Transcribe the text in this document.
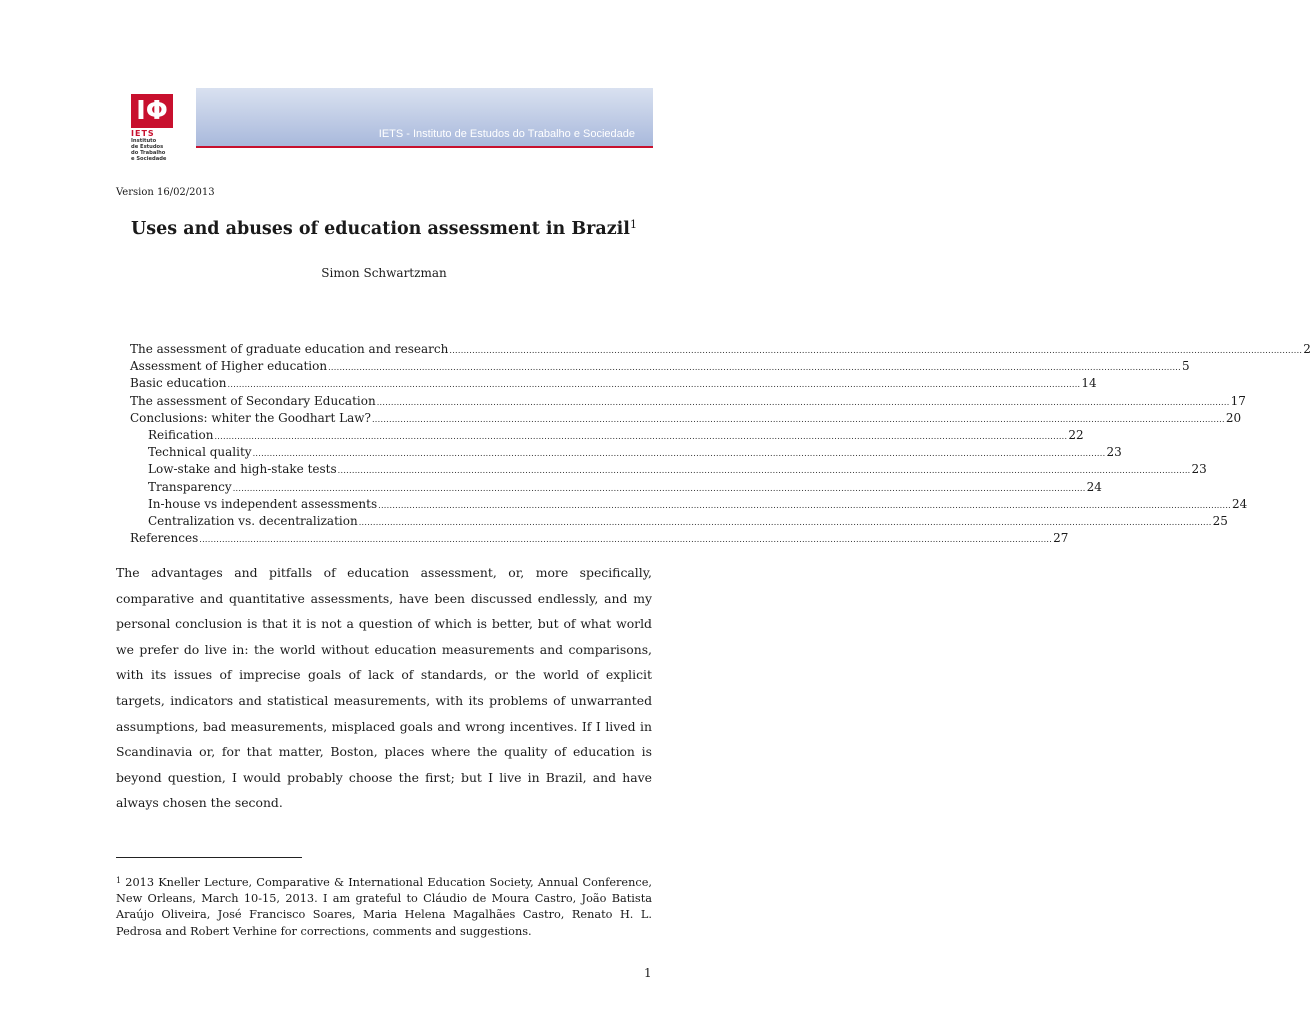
IΦ
IETS
Instituto
de Estudos
do Trabalho
e Sociedade
IETS - Instituto de Estudos do Trabalho e Sociedade
Version 16/02/2013
Uses and abuses of education assessment in Brazil$^1$
Simon Schwartzman
The assessment of graduate education and research ............................................................................................................................................................................................................................................................................................................ 2
Assessment of Higher education ............................................................................................................................................................................................................................................................................................................ 5
Basic education ............................................................................................................................................................................................................................................................................................................ 14
The assessment of Secondary Education ............................................................................................................................................................................................................................................................................................................ 17
Conclusions: whiter the Goodhart Law? ............................................................................................................................................................................................................................................................................................................ 20
Reification ............................................................................................................................................................................................................................................................................................................ 22
Technical quality ............................................................................................................................................................................................................................................................................................................ 23
Low-stake and high-stake tests ............................................................................................................................................................................................................................................................................................................ 23
Transparency ............................................................................................................................................................................................................................................................................................................ 24
In-house vs independent assessments ............................................................................................................................................................................................................................................................................................................ 24
Centralization vs. decentralization ............................................................................................................................................................................................................................................................................................................ 25
References ............................................................................................................................................................................................................................................................................................................ 27

The advantages and pitfalls of education assessment, or, more specifically, comparative and quantitative assessments, have been discussed endlessly, and my personal conclusion is that it is not a question of which is better, but of what world we prefer do live in: the world without education measurements and comparisons, with its issues of imprecise goals of lack of standards, or the world of explicit targets, indicators and statistical measurements, with its problems of unwarranted assumptions, bad measurements, misplaced goals and wrong incentives. If I lived in Scandinavia or, for that matter, Boston, places where the quality of education is beyond question, I would probably choose the first; but I live in Brazil, and have always chosen the second.

$^1$ 2013 Kneller Lecture, Comparative & International Education Society, Annual Conference, New Orleans, March 10-15, 2013. I am grateful to Cláudio de Moura Castro, João Batista Araújo Oliveira, José Francisco Soares, Maria Helena Magalhães Castro, Renato H. L. Pedrosa and Robert Verhine for corrections, comments and suggestions.

1
